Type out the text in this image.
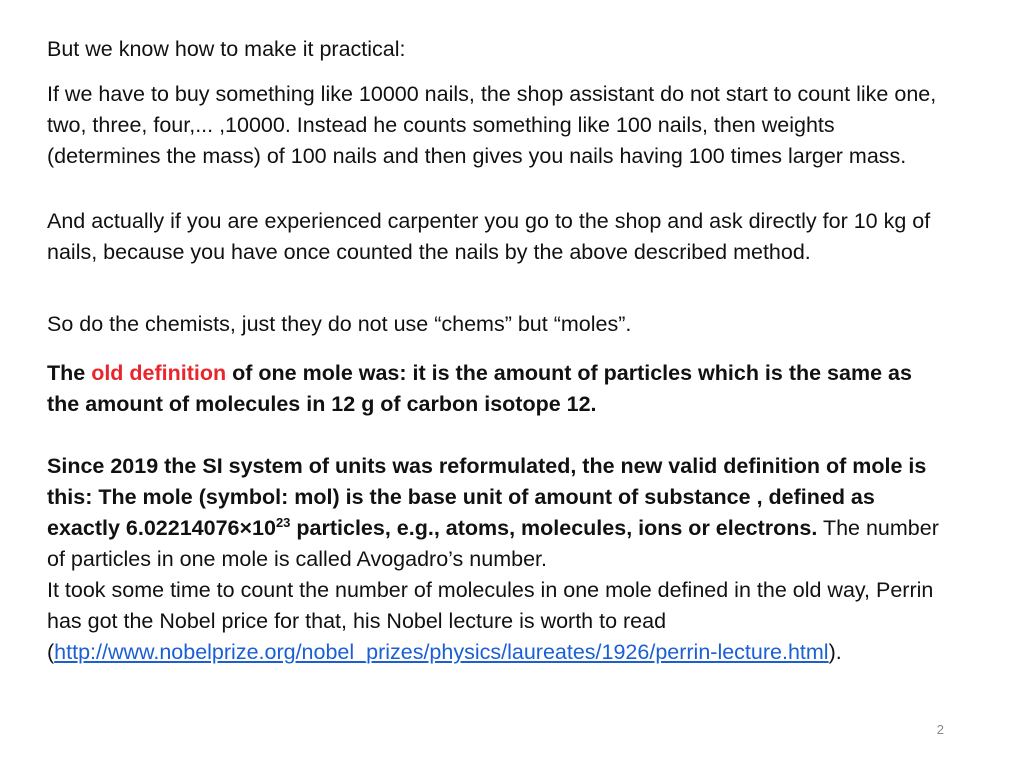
But we know how to make it practical:

If we have to buy something like 10000 nails, the shop assistant do not start to count like one, two, three, four,... ,10000. Instead he counts something like 100 nails, then weights (determines the mass) of 100 nails and then gives you nails having 100 times larger mass.

And actually if you are experienced carpenter you go to the shop and ask directly for 10 kg of nails, because you have once counted the nails by the above described method.

So do the chemists, just they do not use “chems” but “moles”.

The old definition of one mole was: it is the amount of particles which is the same as the amount of molecules in 12 g of carbon isotope 12.

Since 2019 the SI system of units was reformulated, the new valid definition of mole is this: The mole (symbol: mol) is the base unit of amount of substance , defined as exactly $6.02214076\times 10^{23}$ particles, e.g., atoms, molecules, ions or electrons. The number of particles in one mole is called Avogadro’s number.
It took some time to count the number of molecules in one mole defined in the old way, Perrin has got the Nobel price for that, his Nobel lecture is worth to read
(http://www.nobelprize.org/nobel_prizes/physics/laureates/1926/perrin-lecture.html).

2
